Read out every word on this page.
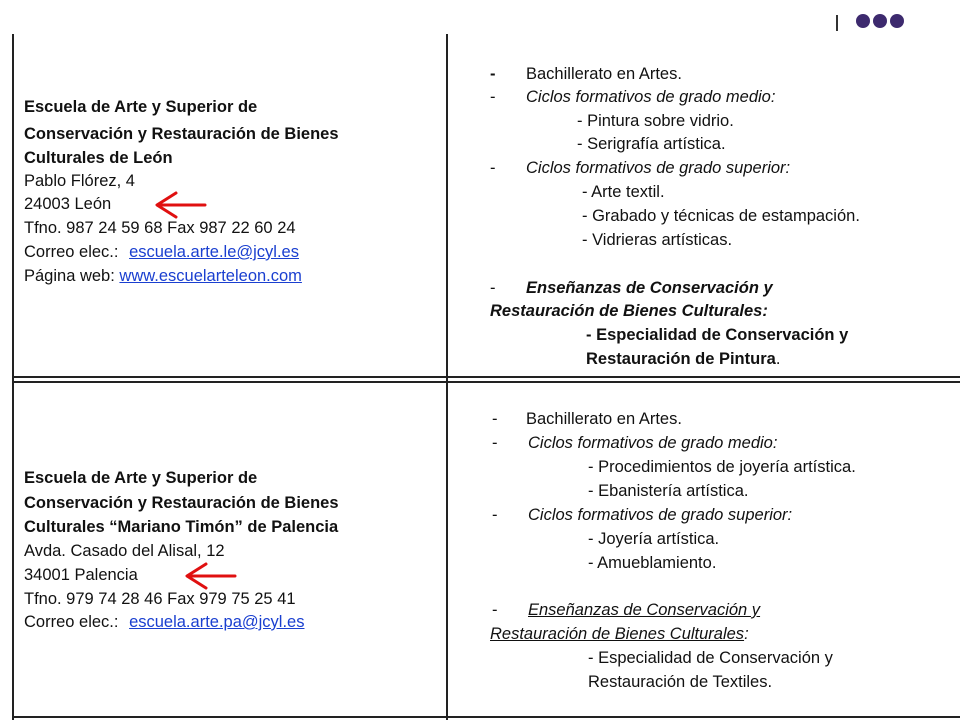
Escuela de Arte y Superior de
Conservación y Restauración de Bienes
Culturales de León
Pablo Flórez, 4
24003 León
Tfno. 987 24 59 68 Fax 987 22 60 24
Correo elec.: escuela.arte.le@jcyl.es
Página web: www.escuelarteleon.com
- Bachillerato en Artes.
- Ciclos formativos de grado medio:
- Pintura sobre vidrio.
- Serigrafía artística.
- Ciclos formativos de grado superior:
- Arte textil.
- Grabado y técnicas de estampación.
- Vidrieras artísticas.
- Enseñanzas de Conservación y
Restauración de Bienes Culturales:
- Especialidad de Conservación y
Restauración de Pintura.
Escuela de Arte y Superior de
Conservación y Restauración de Bienes
Culturales “Mariano Timón” de Palencia
Avda. Casado del Alisal, 12
34001 Palencia
Tfno. 979 74 28 46 Fax 979 75 25 41
Correo elec.: escuela.arte.pa@jcyl.es
- Bachillerato en Artes.
- Ciclos formativos de grado medio:
- Procedimientos de joyería artística.
- Ebanistería artística.
- Ciclos formativos de grado superior:
- Joyería artística.
- Amueblamiento.
- Enseñanzas de Conservación y
Restauración de Bienes Culturales:
- Especialidad de Conservación y
Restauración de Textiles.
